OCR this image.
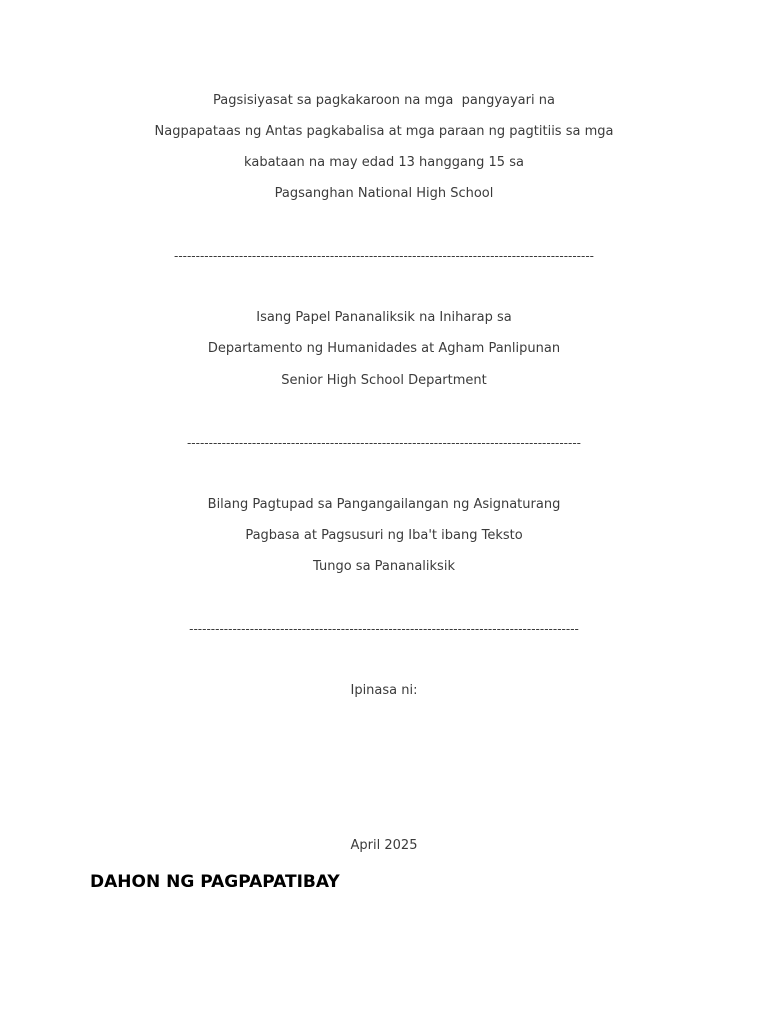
Pagsisiyasat sa pagkakaroon na mga  pangyayari na
Nagpapataas ng Antas pagkabalisa at mga paraan ng pagtitiis sa mga
kabataan na may edad 13 hanggang 15 sa
Pagsanghan National High School
-------------------------------------------------------------------------------------------------
Isang Papel Pananaliksik na Iniharap sa
Departamento ng Humanidades at Agham Panlipunan
Senior High School Department
-------------------------------------------------------------------------------------------
Bilang Pagtupad sa Pangangailangan ng Asignaturang
Pagbasa at Pagsusuri ng Iba't ibang Teksto
Tungo sa Pananaliksik
------------------------------------------------------------------------------------------
Ipinasa ni:
April 2025
DAHON NG PAGPAPATIBAY
